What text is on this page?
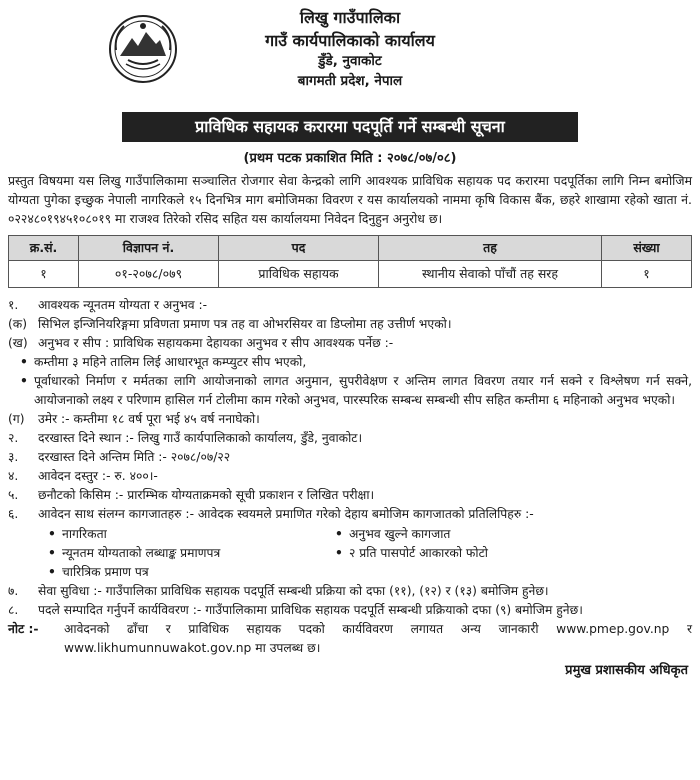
लिखु गाउँपालिका
गाउँ कार्यपालिकाको कार्यालय
डुँडे, नुवाकोट
बागमती प्रदेश, नेपाल
प्राविधिक सहायक करारमा पदपूर्ति गर्ने सम्बन्धी सूचना
(प्रथम पटक प्रकाशित मिति : २०७८/०७/०८)
प्रस्तुत विषयमा यस लिखु गाउँपालिकामा सञ्चालित रोजगार सेवा केन्द्रको लागि आवश्यक प्राविधिक सहायक पद करारमा पदपूर्तिका लागि निम्न बमोजिम योग्यता पुगेका इच्छुक नेपाली नागरिकले १५ दिनभित्र माग बमोजिमका विवरण र यस कार्यालयको नाममा कृषि विकास बैंक, छहरे शाखामा रहेको खाता नं. ०२२४८०१९४५१०८०१९ मा राजश्व तिरेको रसिद सहित यस कार्यालयमा निवेदन दिनुहुन अनुरोध छ।
क्र.सं.	विज्ञापन नं.	पद	तह	संख्या
१	०१-२०७८/०७९	प्राविधिक सहायक	स्थानीय सेवाको पाँचौं तह सरह	१
१.	आवश्यक न्यूनतम योग्यता र अनुभव :-
(क) सिभिल इन्जिनियरिङ्गमा प्रविणता प्रमाण पत्र तह वा ओभरसियर वा डिप्लोमा तह उत्तीर्ण भएको।
(ख) अनुभव र सीप : प्राविधिक सहायकमा देहायका अनुभव र सीप आवश्यक पर्नेछ :-
• कम्तीमा ३ महिने तालिम लिई आधारभूत कम्प्युटर सीप भएको,
• पूर्वाधारको निर्माण र मर्मतका लागि आयोजनाको लागत अनुमान, सुपरीवेक्षण र अन्तिम लागत विवरण तयार गर्न सक्ने र विश्लेषण गर्न सक्ने, आयोजनाको लक्ष्य र परिणाम हासिल गर्न टोलीमा काम गरेको अनुभव, पारस्परिक सम्बन्ध सम्बन्धी सीप सहित कम्तीमा ६ महिनाको अनुभव भएको।
(ग)	उमेर :- कम्तीमा १८ वर्ष पूरा भई ४५ वर्ष ननाघेको।
२.	दरखास्त दिने स्थान :- लिखु गाउँ कार्यपालिकाको कार्यालय, डुँडे, नुवाकोट।
३.	दरखास्त दिने अन्तिम मिति :- २०७८/०७/२२
४.	आवेदन दस्तुर :- रु. ४००।-
५.	छनौटको किसिम :- प्रारम्भिक योग्यताक्रमको सूची प्रकाशन र लिखित परीक्षा।
६.	आवेदन साथ संलग्न कागजातहरु :- आवेदक स्वयमले प्रमाणित गरेको देहाय बमोजिम कागजातको प्रतिलिपिहरु :-
• नागरिकता	• अनुभव खुल्ने कागजात
• न्यूनतम योग्यताको लब्धाङ्क प्रमाणपत्र	• २ प्रति पासपोर्ट आकारको फोटो
• चारित्रिक प्रमाण पत्र
७.	सेवा सुविधा :- गाउँपालिका प्राविधिक सहायक पदपूर्ति सम्बन्धी प्रक्रिया को दफा (११), (१२) र (१३) बमोजिम हुनेछ।
८.	पदले सम्पादित गर्नुपर्ने कार्यविवरण :- गाउँपालिकामा प्राविधिक सहायक पदपूर्ति सम्बन्धी प्रक्रियाको दफा (९) बमोजिम हुनेछ।
नोट :-	आवेदनको ढाँचा र प्राविधिक सहायक पदको कार्यविवरण लगायत अन्य जानकारी www.pmep.gov.np र www.likhumunnuwakot.gov.np मा उपलब्ध छ।
प्रमुख प्रशासकीय अधिकृत
